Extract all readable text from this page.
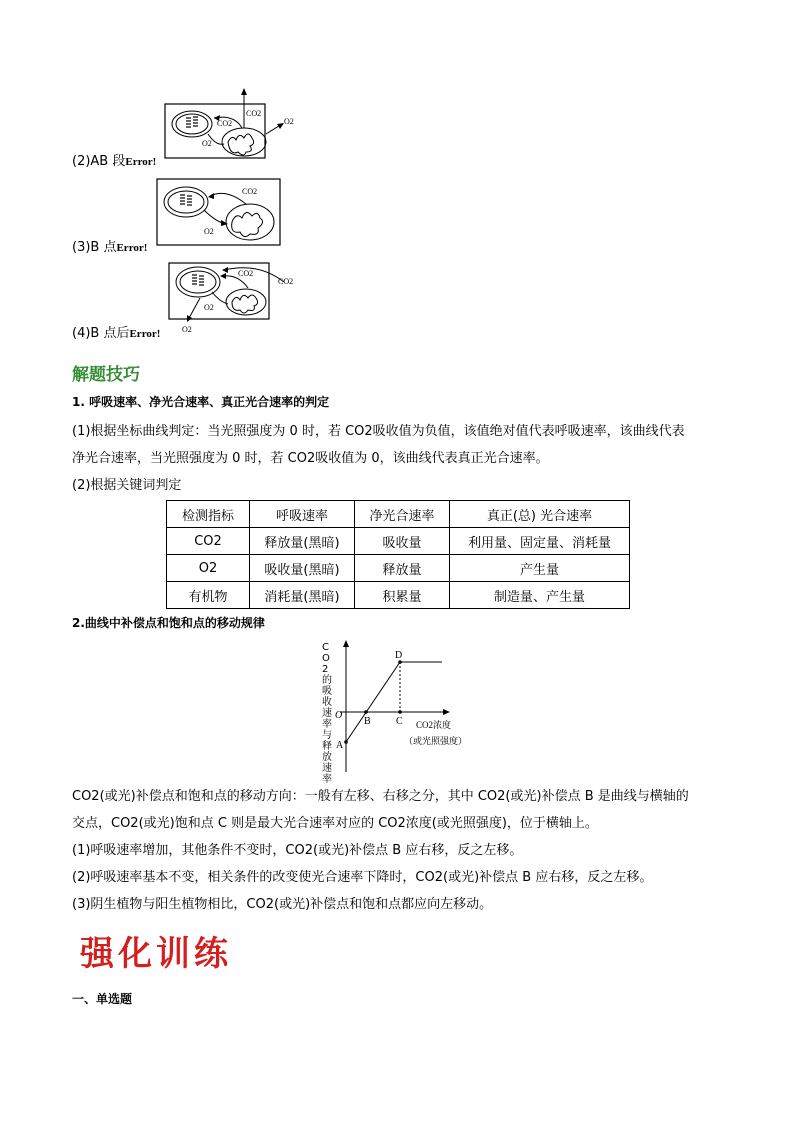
CO2
CO2
O2
O2
(2)AB 段Error!
CO2
O2
(3)B 点Error!
CO2
CO2
O2
O2
(4)B 点后Error!
解题技巧
1. 呼吸速率、净光合速率、真正光合速率的判定
(1)根据坐标曲线判定：当光照强度为 0 时，若 CO2吸收值为负值，该值绝对值代表呼吸速率，该曲线代表
净光合速率，当光照强度为 0 时，若 CO2吸收值为 0，该曲线代表真正光合速率。
(2)根据关键词判定
检测指标	呼吸速率	净光合速率	真正(总) 光合速率
CO2	释放量(黑暗)	吸收量	利用量、固定量、消耗量
O2	吸收量(黑暗)	释放量	产生量
有机物	消耗量(黑暗)	积累量	制造量、产生量
2.曲线中补偿点和饱和点的移动规律
O
B	C
D
A
CO2浓度
（或光照强度）
CO2的吸收速率与释放速率
CO2(或光)补偿点和饱和点的移动方向：一般有左移、右移之分，其中 CO2(或光)补偿点 B 是曲线与横轴的
交点，CO2(或光)饱和点 C 则是最大光合速率对应的 CO2浓度(或光照强度)，位于横轴上。
(1)呼吸速率增加，其他条件不变时，CO2(或光)补偿点 B 应右移，反之左移。
(2)呼吸速率基本不变，相关条件的改变使光合速率下降时，CO2(或光)补偿点 B 应右移，反之左移。
(3)阴生植物与阳生植物相比，CO2(或光)补偿点和饱和点都应向左移动。
强化训练
一、单选题
